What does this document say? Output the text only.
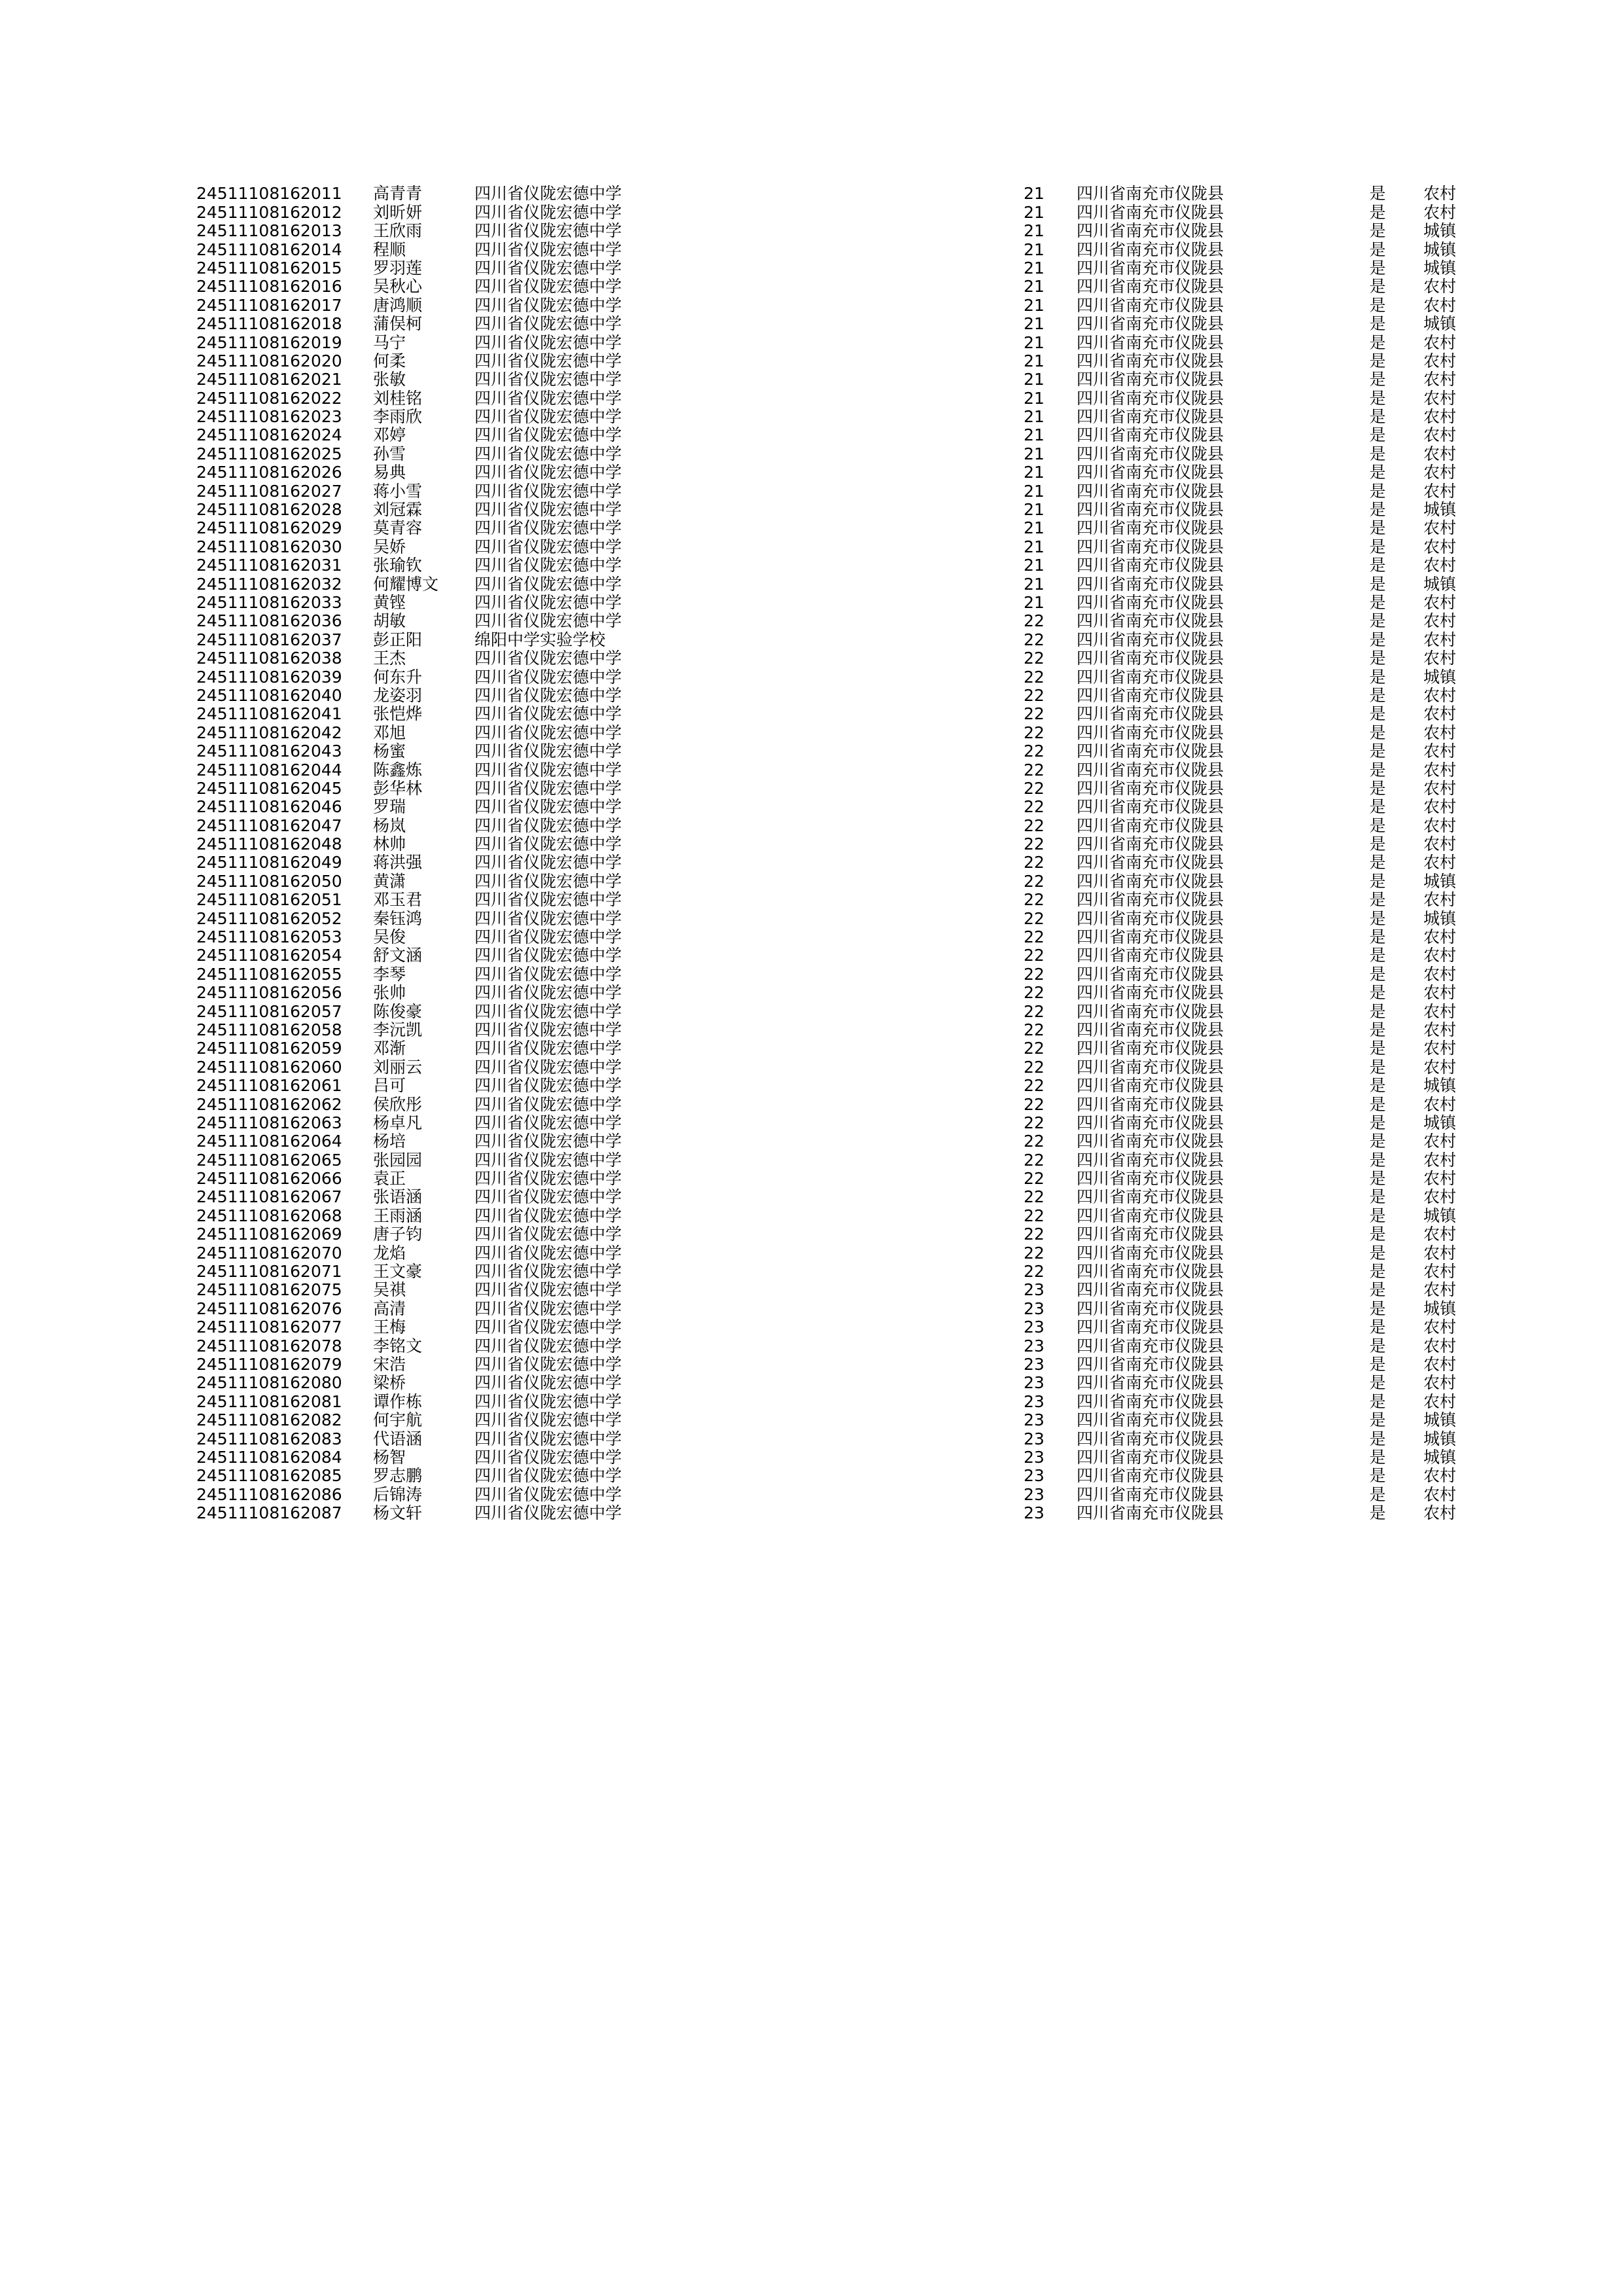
24511108162011	高青青	四川省仪陇宏德中学	21	四川省南充市仪陇县	是	农村
24511108162012	刘昕妍	四川省仪陇宏德中学	21	四川省南充市仪陇县	是	农村
24511108162013	王欣雨	四川省仪陇宏德中学	21	四川省南充市仪陇县	是	城镇
24511108162014	程顺	四川省仪陇宏德中学	21	四川省南充市仪陇县	是	城镇
24511108162015	罗羽莲	四川省仪陇宏德中学	21	四川省南充市仪陇县	是	城镇
24511108162016	吴秋心	四川省仪陇宏德中学	21	四川省南充市仪陇县	是	农村
24511108162017	唐鸿顺	四川省仪陇宏德中学	21	四川省南充市仪陇县	是	农村
24511108162018	蒲俣柯	四川省仪陇宏德中学	21	四川省南充市仪陇县	是	城镇
24511108162019	马宁	四川省仪陇宏德中学	21	四川省南充市仪陇县	是	农村
24511108162020	何柔	四川省仪陇宏德中学	21	四川省南充市仪陇县	是	农村
24511108162021	张敏	四川省仪陇宏德中学	21	四川省南充市仪陇县	是	农村
24511108162022	刘桂铭	四川省仪陇宏德中学	21	四川省南充市仪陇县	是	农村
24511108162023	李雨欣	四川省仪陇宏德中学	21	四川省南充市仪陇县	是	农村
24511108162024	邓婷	四川省仪陇宏德中学	21	四川省南充市仪陇县	是	农村
24511108162025	孙雪	四川省仪陇宏德中学	21	四川省南充市仪陇县	是	农村
24511108162026	易典	四川省仪陇宏德中学	21	四川省南充市仪陇县	是	农村
24511108162027	蒋小雪	四川省仪陇宏德中学	21	四川省南充市仪陇县	是	农村
24511108162028	刘冠霖	四川省仪陇宏德中学	21	四川省南充市仪陇县	是	城镇
24511108162029	莫青容	四川省仪陇宏德中学	21	四川省南充市仪陇县	是	农村
24511108162030	吴娇	四川省仪陇宏德中学	21	四川省南充市仪陇县	是	农村
24511108162031	张瑜钦	四川省仪陇宏德中学	21	四川省南充市仪陇县	是	农村
24511108162032	何耀博文	四川省仪陇宏德中学	21	四川省南充市仪陇县	是	城镇
24511108162033	黄铿	四川省仪陇宏德中学	21	四川省南充市仪陇县	是	农村
24511108162036	胡敏	四川省仪陇宏德中学	22	四川省南充市仪陇县	是	农村
24511108162037	彭正阳	绵阳中学实验学校	22	四川省南充市仪陇县	是	农村
24511108162038	王杰	四川省仪陇宏德中学	22	四川省南充市仪陇县	是	农村
24511108162039	何东升	四川省仪陇宏德中学	22	四川省南充市仪陇县	是	城镇
24511108162040	龙姿羽	四川省仪陇宏德中学	22	四川省南充市仪陇县	是	农村
24511108162041	张恺烨	四川省仪陇宏德中学	22	四川省南充市仪陇县	是	农村
24511108162042	邓旭	四川省仪陇宏德中学	22	四川省南充市仪陇县	是	农村
24511108162043	杨蜜	四川省仪陇宏德中学	22	四川省南充市仪陇县	是	农村
24511108162044	陈鑫炼	四川省仪陇宏德中学	22	四川省南充市仪陇县	是	农村
24511108162045	彭华林	四川省仪陇宏德中学	22	四川省南充市仪陇县	是	农村
24511108162046	罗瑞	四川省仪陇宏德中学	22	四川省南充市仪陇县	是	农村
24511108162047	杨岚	四川省仪陇宏德中学	22	四川省南充市仪陇县	是	农村
24511108162048	林帅	四川省仪陇宏德中学	22	四川省南充市仪陇县	是	农村
24511108162049	蒋洪强	四川省仪陇宏德中学	22	四川省南充市仪陇县	是	农村
24511108162050	黄潇	四川省仪陇宏德中学	22	四川省南充市仪陇县	是	城镇
24511108162051	邓玉君	四川省仪陇宏德中学	22	四川省南充市仪陇县	是	农村
24511108162052	秦钰鸿	四川省仪陇宏德中学	22	四川省南充市仪陇县	是	城镇
24511108162053	吴俊	四川省仪陇宏德中学	22	四川省南充市仪陇县	是	农村
24511108162054	舒文涵	四川省仪陇宏德中学	22	四川省南充市仪陇县	是	农村
24511108162055	李琴	四川省仪陇宏德中学	22	四川省南充市仪陇县	是	农村
24511108162056	张帅	四川省仪陇宏德中学	22	四川省南充市仪陇县	是	农村
24511108162057	陈俊豪	四川省仪陇宏德中学	22	四川省南充市仪陇县	是	农村
24511108162058	李沅凯	四川省仪陇宏德中学	22	四川省南充市仪陇县	是	农村
24511108162059	邓渐	四川省仪陇宏德中学	22	四川省南充市仪陇县	是	农村
24511108162060	刘丽云	四川省仪陇宏德中学	22	四川省南充市仪陇县	是	农村
24511108162061	吕可	四川省仪陇宏德中学	22	四川省南充市仪陇县	是	城镇
24511108162062	侯欣彤	四川省仪陇宏德中学	22	四川省南充市仪陇县	是	农村
24511108162063	杨卓凡	四川省仪陇宏德中学	22	四川省南充市仪陇县	是	城镇
24511108162064	杨培	四川省仪陇宏德中学	22	四川省南充市仪陇县	是	农村
24511108162065	张园园	四川省仪陇宏德中学	22	四川省南充市仪陇县	是	农村
24511108162066	袁正	四川省仪陇宏德中学	22	四川省南充市仪陇县	是	农村
24511108162067	张语涵	四川省仪陇宏德中学	22	四川省南充市仪陇县	是	农村
24511108162068	王雨涵	四川省仪陇宏德中学	22	四川省南充市仪陇县	是	城镇
24511108162069	唐子钧	四川省仪陇宏德中学	22	四川省南充市仪陇县	是	农村
24511108162070	龙焰	四川省仪陇宏德中学	22	四川省南充市仪陇县	是	农村
24511108162071	王文豪	四川省仪陇宏德中学	22	四川省南充市仪陇县	是	农村
24511108162075	吴祺	四川省仪陇宏德中学	23	四川省南充市仪陇县	是	农村
24511108162076	高清	四川省仪陇宏德中学	23	四川省南充市仪陇县	是	城镇
24511108162077	王梅	四川省仪陇宏德中学	23	四川省南充市仪陇县	是	农村
24511108162078	李铭文	四川省仪陇宏德中学	23	四川省南充市仪陇县	是	农村
24511108162079	宋浩	四川省仪陇宏德中学	23	四川省南充市仪陇县	是	农村
24511108162080	梁桥	四川省仪陇宏德中学	23	四川省南充市仪陇县	是	农村
24511108162081	谭作栋	四川省仪陇宏德中学	23	四川省南充市仪陇县	是	农村
24511108162082	何宇航	四川省仪陇宏德中学	23	四川省南充市仪陇县	是	城镇
24511108162083	代语涵	四川省仪陇宏德中学	23	四川省南充市仪陇县	是	城镇
24511108162084	杨智	四川省仪陇宏德中学	23	四川省南充市仪陇县	是	城镇
24511108162085	罗志鹏	四川省仪陇宏德中学	23	四川省南充市仪陇县	是	农村
24511108162086	后锦涛	四川省仪陇宏德中学	23	四川省南充市仪陇县	是	农村
24511108162087	杨文轩	四川省仪陇宏德中学	23	四川省南充市仪陇县	是	农村
